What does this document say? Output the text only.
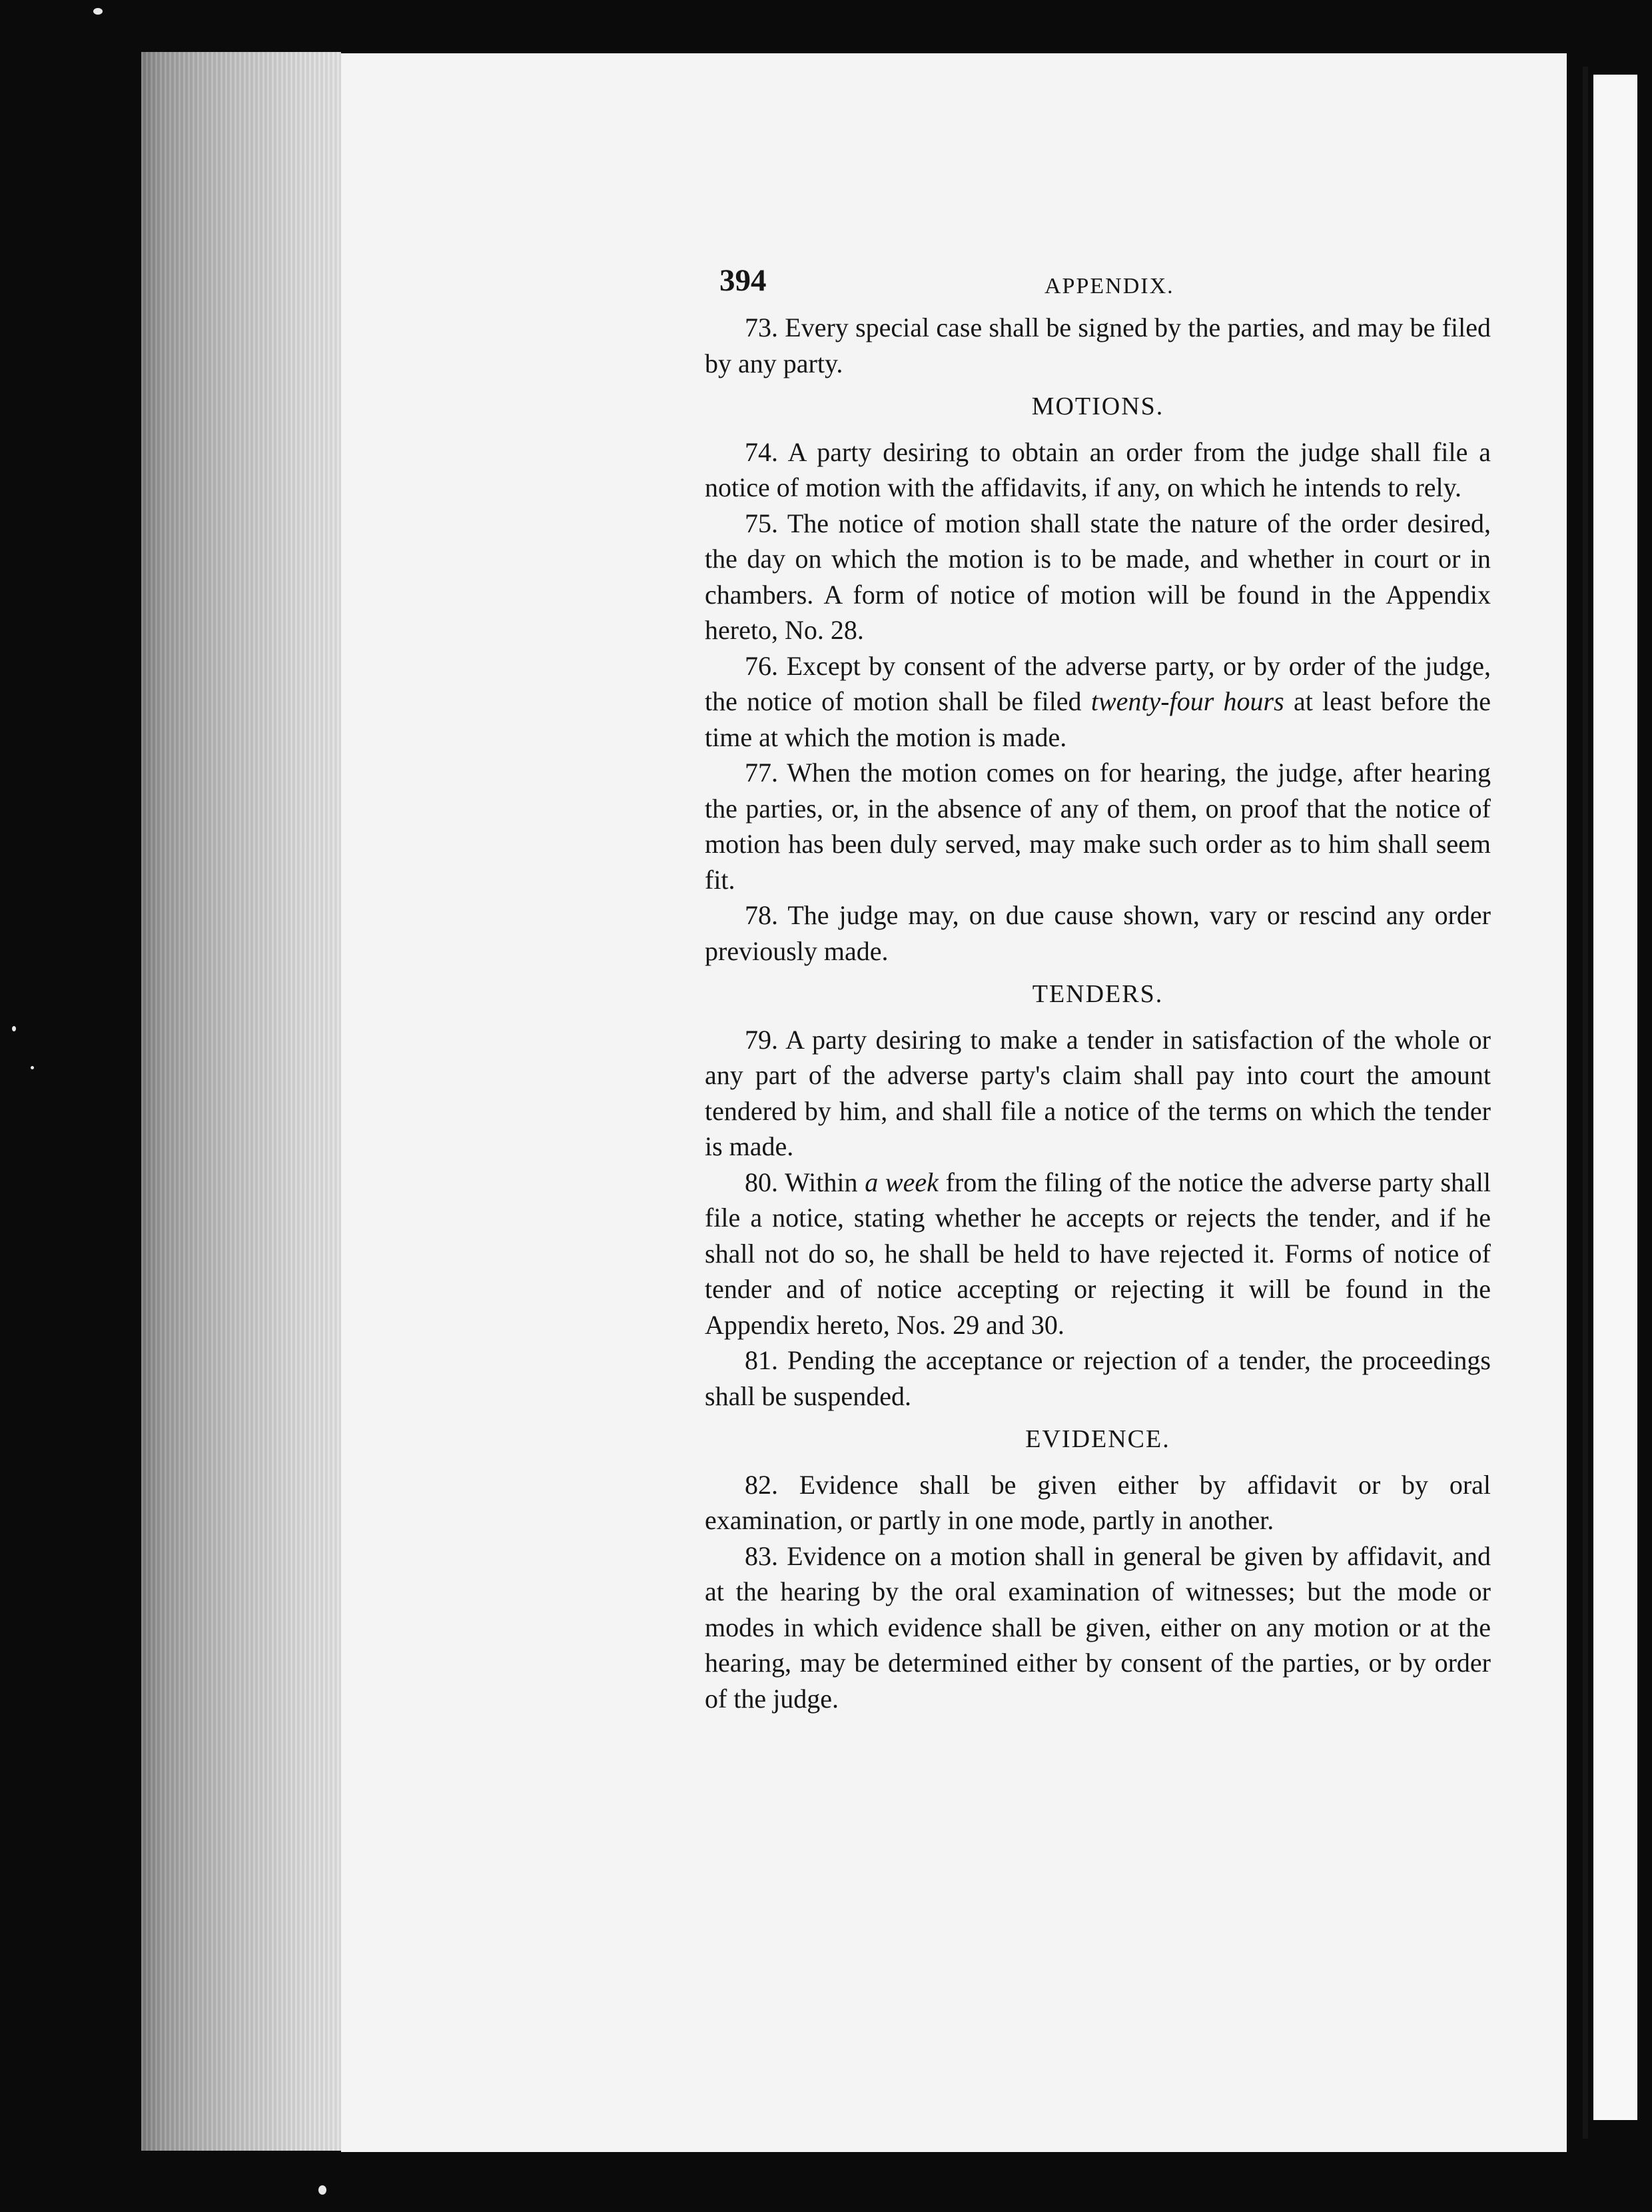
394	APPENDIX.

73. Every special case shall be signed by the parties, and may be filed by any party.

MOTIONS.

74. A party desiring to obtain an order from the judge shall file a notice of motion with the affidavits, if any, on which he intends to rely.

75. The notice of motion shall state the nature of the order desired, the day on which the motion is to be made, and whether in court or in chambers. A form of notice of motion will be found in the Appendix hereto, No. 28.

76. Except by consent of the adverse party, or by order of the judge, the notice of motion shall be filed twenty-four hours at least before the time at which the motion is made.

77. When the motion comes on for hearing, the judge, after hearing the parties, or, in the absence of any of them, on proof that the notice of motion has been duly served, may make such order as to him shall seem fit.

78. The judge may, on due cause shown, vary or rescind any order previously made.

TENDERS.

79. A party desiring to make a tender in satisfaction of the whole or any part of the adverse party's claim shall pay into court the amount tendered by him, and shall file a notice of the terms on which the tender is made.

80. Within a week from the filing of the notice the adverse party shall file a notice, stating whether he accepts or rejects the tender, and if he shall not do so, he shall be held to have rejected it. Forms of notice of tender and of notice accepting or rejecting it will be found in the Appendix hereto, Nos. 29 and 30.

81. Pending the acceptance or rejection of a tender, the proceedings shall be suspended.

EVIDENCE.

82. Evidence shall be given either by affidavit or by oral examination, or partly in one mode, partly in another.

83. Evidence on a motion shall in general be given by affidavit, and at the hearing by the oral examination of witnesses; but the mode or modes in which evidence shall be given, either on any motion or at the hearing, may be determined either by consent of the parties, or by order of the judge.
